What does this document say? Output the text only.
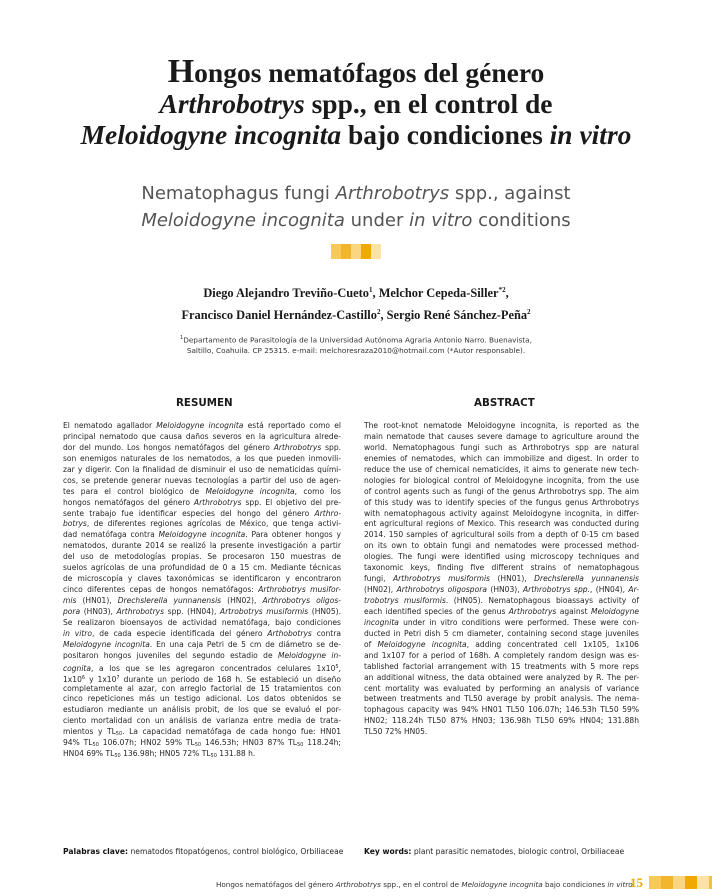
Hongos nematófagos del género
Arthrobotrys spp., en el control de
Meloidogyne incognita bajo condiciones in vitro
Nematophagus fungi Arthrobotrys spp., against
Meloidogyne incognita under in vitro conditions
Diego Alejandro Treviño-Cueto$^1$, Melchor Cepeda-Siller$^{*2}$,
Francisco Daniel Hernández-Castillo$^2$, Sergio René Sánchez-Peña$^2$
$^1$Departamento de Parasitología de la Universidad Autónoma Agraria Antonio Narro. Buenavista,
Saltillo, Coahuila. CP 25315. e-mail: melchoresraza2010@hotmail.com (*Autor responsable).
RESUMEN	ABSTRACT
El nematodo agallador Meloidogyne incognita está reportado como el
principal nematodo que causa daños severos en la agricultura alrede-
dor del mundo. Los hongos nematófagos del género Arthrobotrys spp.
son enemigos naturales de los nematodos, a los que pueden inmovili-
zar y digerir. Con la finalidad de disminuir el uso de nematicidas quími-
cos, se pretende generar nuevas tecnologías a partir del uso de agen-
tes para el control biológico de Meloidogyne incognita, como los
hongos nematófagos del género Arthrobotrys spp. El objetivo del pre-
sente trabajo fue identificar especies del hongo del género Arthro-
botrys, de diferentes regiones agrícolas de México, que tenga activi-
dad nematófaga contra Meloidogyne incognita. Para obtener hongos y
nematodos, durante 2014 se realizó la presente investigación a partir
del uso de metodologías propias. Se procesaron 150 muestras de
suelos agrícolas de una profundidad de 0 a 15 cm. Mediante técnicas
de microscopía y claves taxonómicas se identificaron y encontraron
cinco diferentes cepas de hongos nematófagos: Arthrobotrys musifor-
mis (HN01), Drechslerella yunnanensis (HN02), Arthrobotrys oligos-
pora (HN03), Arthrobotrys spp. (HN04), Artrobotrys musiformis (HN05).
Se realizaron bioensayos de actividad nematófaga, bajo condiciones
in vitro, de cada especie identificada del género Arthobotrys contra
Meloidogyne incognita. En una caja Petri de 5 cm de diámetro se de-
positaron hongos juveniles del segundo estadio de Meloidogyne in-
cognita, a los que se les agregaron concentrados celulares $1x10^5$,
$1x10^6$ y $1x10^7$ durante un periodo de 168 h. Se estableció un diseño
completamente al azar, con arreglo factorial de 15 tratamientos con
cinco repeticiones más un testigo adicional. Los datos obtenidos se
estudiaron mediante un análisis probit, de los que se evaluó el por-
ciento mortalidad con un análisis de varianza entre media de trata-
mientos y $TL_{50}$. La capacidad nematófaga de cada hongo fue: HN01
94% $TL_{50}$ 106.07h; HN02 59% $TL_{50}$ 146.53h; HN03 87% $TL_{50}$ 118.24h;
HN04 69% $TL_{50}$ 136.98h; HN05 72% $TL_{50}$ 131.88 h.
The root-knot nematode Meloidogyne incognita, is reported as the
main nematode that causes severe damage to agriculture around the
world. Nematophagous fungi such as Arthrobotrys spp are natural
enemies of nematodes, which can immobilize and digest. In order to
reduce the use of chemical nematicides, it aims to generate new tech-
nologies for biological control of Meloidogyne incognita, from the use
of control agents such as fungi of the genus Arthrobotrys spp. The aim
of this study was to identify species of the fungus genus Arthrobotrys
with nematophagous activity against Meloidogyne incognita, in differ-
ent agricultural regions of Mexico. This research was conducted during
2014. 150 samples of agricultural soils from a depth of 0-15 cm based
on its own to obtain fungi and nematodes were processed method-
ologies. The fungi were identified using microscopy techniques and
taxonomic keys, finding five different strains of nematophagous
fungi, Arthrobotrys musiformis (HN01), Drechslerella yunnanensis
(HN02), Arthrobotrys oligospora (HN03), Arthrobotrys spp., (HN04), Ar-
trobotrys musiformis. (HN05). Nematophagous bioassays activity of
each identified species of the genus Arthrobotrys against Meloidogyne
incognita under in vitro conditions were performed. These were con-
ducted in Petri dish 5 cm diameter, containing second stage juveniles
of Meloidogyne incognita, adding concentrated cell 1x105, 1x106
and 1x107 for a period of 168h. A completely random design was es-
tablished factorial arrangement with 15 treatments with 5 more reps
an additional witness, the data obtained were analyzed by R. The per-
cent mortality was evaluated by performing an analysis of variance
between treatments and TL50 average by probit analysis. The nema-
tophagous capacity was 94% HN01 TL50 106.07h; 146.53h TL50 59%
HN02; 118.24h TL50 87% HN03; 136.98h TL50 69% HN04; 131.88h
TL50 72% HN05.
Palabras clave: nematodos fitopatógenos, control biológico, Orbiliaceae	Key words: plant parasitic nematodes, biologic control, Orbiliaceae
Hongos nematófagos del género Arthrobotrys spp., en el control de Meloidogyne incognita bajo condiciones in vitro
15
